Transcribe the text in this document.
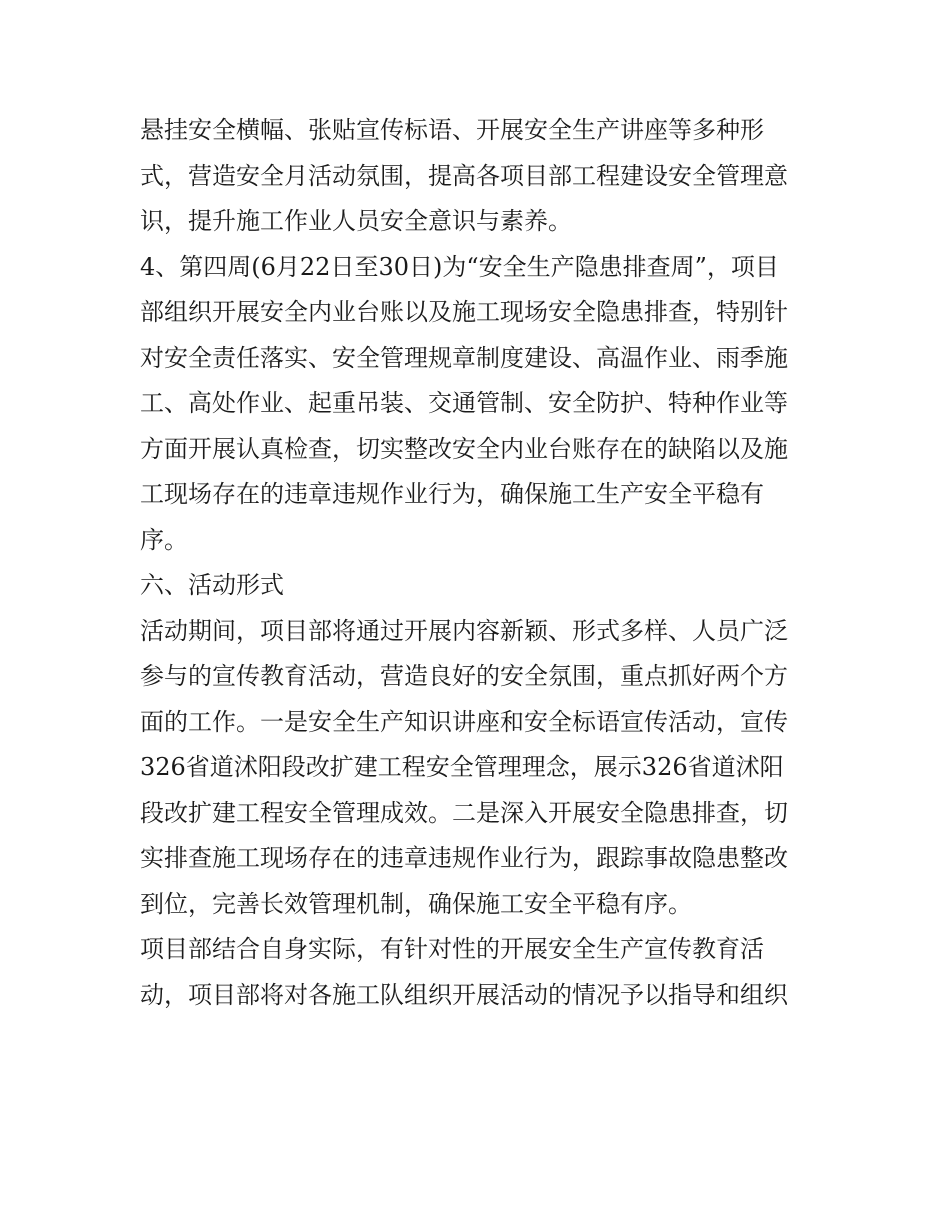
悬挂安全横幅、张贴宣传标语、开展安全生产讲座等多种形
式，营造安全月活动氛围，提高各项目部工程建设安全管理意
识，提升施工作业人员安全意识与素养。
4、第四周(6月22日至30日)为“安全生产隐患排查周”，项目
部组织开展安全内业台账以及施工现场安全隐患排查，特别针
对安全责任落实、安全管理规章制度建设、高温作业、雨季施
工、高处作业、起重吊装、交通管制、安全防护、特种作业等
方面开展认真检查，切实整改安全内业台账存在的缺陷以及施
工现场存在的违章违规作业行为，确保施工生产安全平稳有
序。
六、活动形式
活动期间，项目部将通过开展内容新颖、形式多样、人员广泛
参与的宣传教育活动，营造良好的安全氛围，重点抓好两个方
面的工作。一是安全生产知识讲座和安全标语宣传活动，宣传
326省道沭阳段改扩建工程安全管理理念，展示326省道沭阳
段改扩建工程安全管理成效。二是深入开展安全隐患排查，切
实排查施工现场存在的违章违规作业行为，跟踪事故隐患整改
到位，完善长效管理机制，确保施工安全平稳有序。
项目部结合自身实际，有针对性的开展安全生产宣传教育活
动，项目部将对各施工队组织开展活动的情况予以指导和组织
